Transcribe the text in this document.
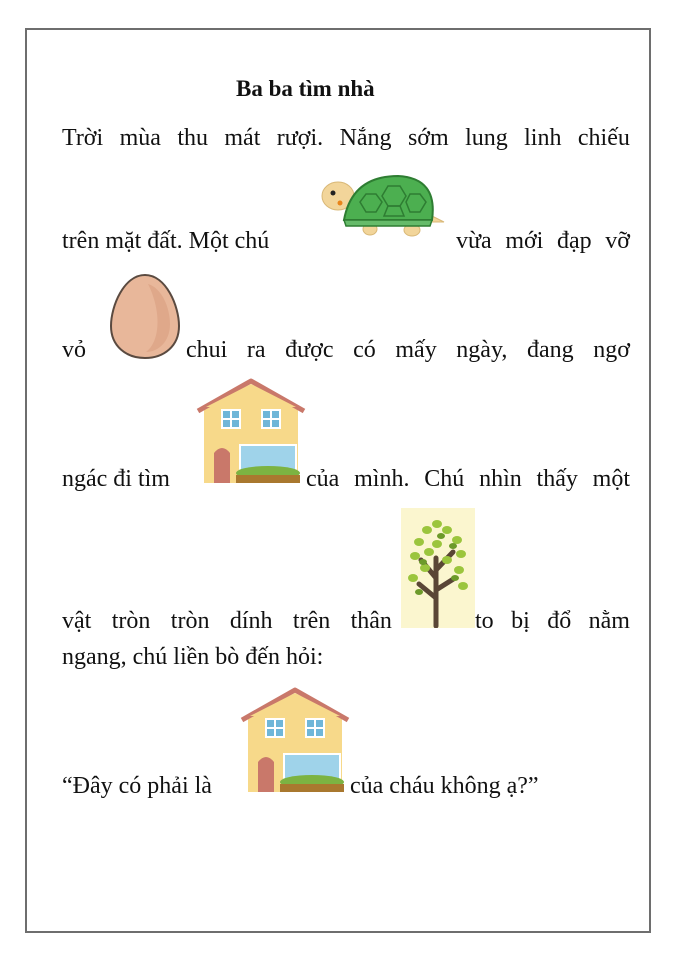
Ba ba tìm nhà
Trời mùa thu mát rượi. Nắng sớm lung linh chiếu
trên mặt đất. Một chú	vừa mới đạp vỡ
vỏ	chui ra được có mấy ngày, đang ngơ
ngác đi tìm	của mình. Chú nhìn thấy một
vật tròn tròn dính trên thân	to bị đổ nằm
ngang, chú liền bò đến hỏi:
“Đây có phải là	của cháu không ạ?”
